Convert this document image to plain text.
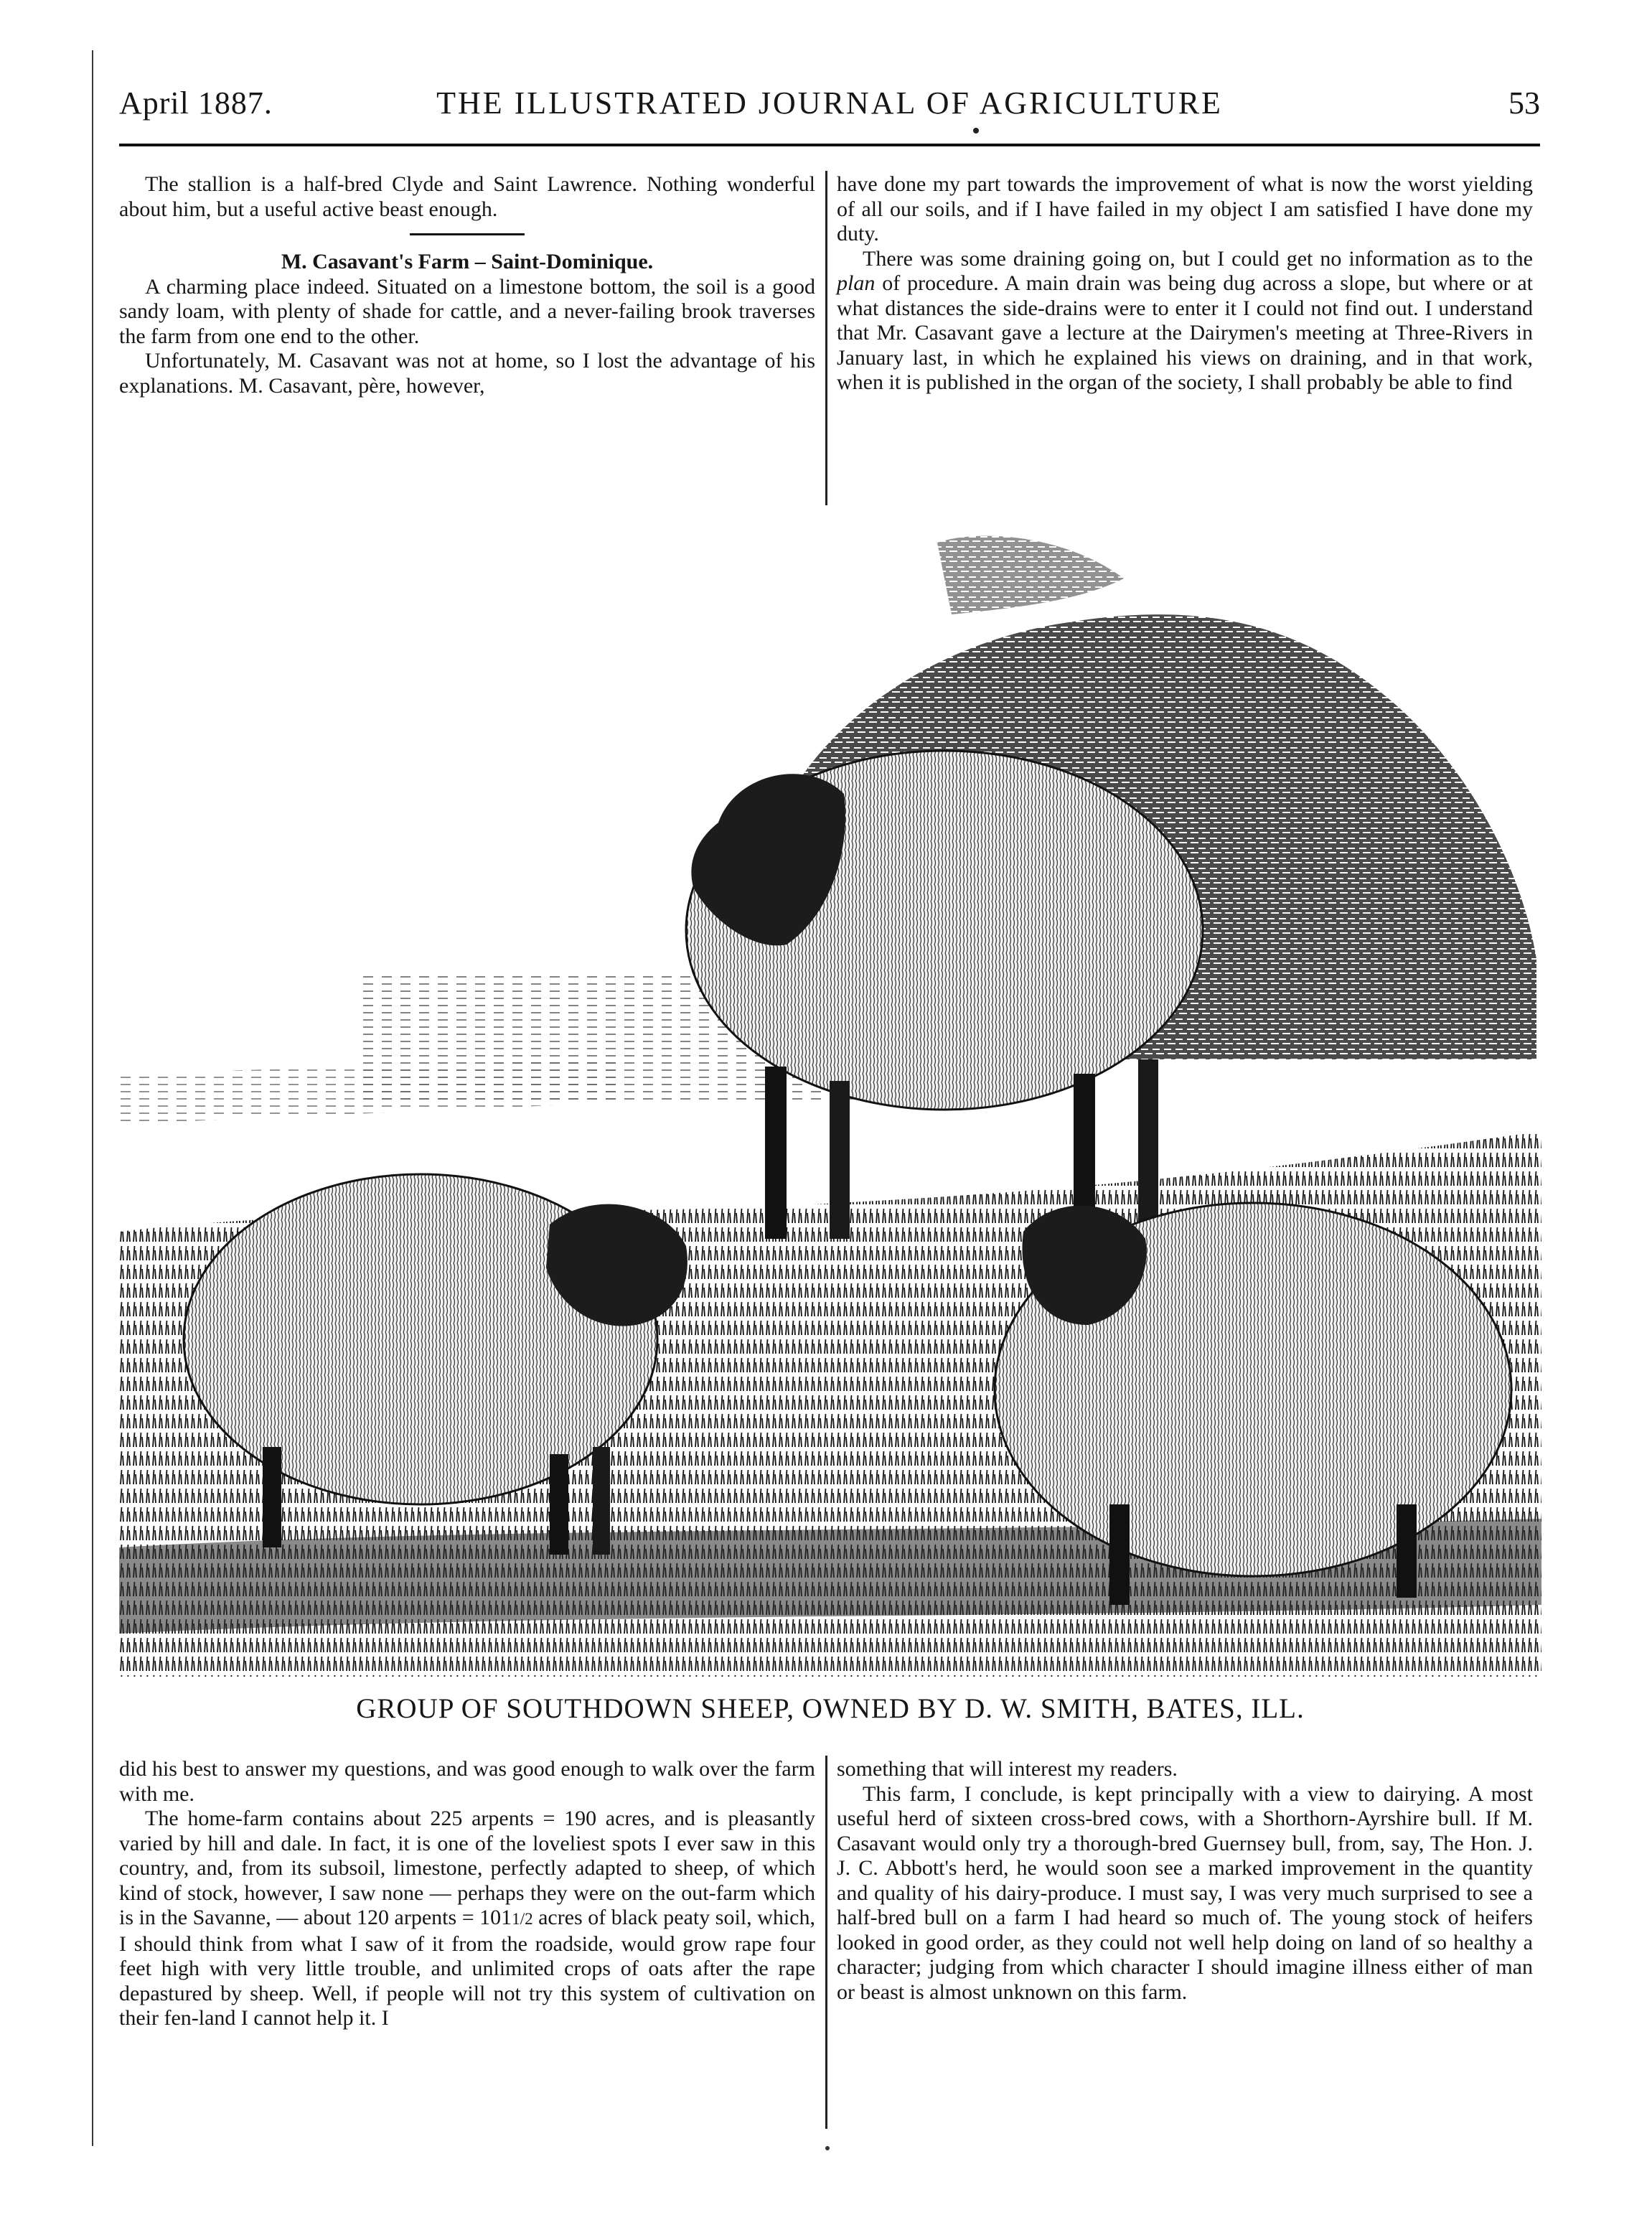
April 1887.	THE ILLUSTRATED JOURNAL OF AGRICULTURE	53

The stallion is a half-bred Clyde and Saint Lawrence. Nothing wonderful about him, but a useful active beast enough.

M. Casavant's Farm – Saint-Dominique.

A charming place indeed. Situated on a limestone bottom, the soil is a good sandy loam, with plenty of shade for cattle, and a never-failing brook traverses the farm from one end to the other.

Unfortunately, M. Casavant was not at home, so I lost the advantage of his explanations. M. Casavant, père, however,

have done my part towards the improvement of what is now the worst yielding of all our soils, and if I have failed in my object I am satisfied I have done my duty.

There was some draining going on, but I could get no information as to the plan of procedure. A main drain was being dug across a slope, but where or at what distances the side-drains were to enter it I could not find out. I understand that Mr. Casavant gave a lecture at the Dairymen's meeting at Three-Rivers in January last, in which he explained his views on draining, and in that work, when it is published in the organ of the society, I shall probably be able to find

GROUP OF SOUTHDOWN SHEEP, OWNED BY D. W. SMITH, BATES, ILL.

did his best to answer my questions, and was good enough to walk over the farm with me.

The home-farm contains about 225 arpents = 190 acres, and is pleasantly varied by hill and dale. In fact, it is one of the loveliest spots I ever saw in this country, and, from its subsoil, limestone, perfectly adapted to sheep, of which kind of stock, however, I saw none — perhaps they were on the out-farm which is in the Savanne, — about 120 arpents = 1011/2 acres of black peaty soil, which, I should think from what I saw of it from the roadside, would grow rape four feet high with very little trouble, and unlimited crops of oats after the rape depastured by sheep. Well, if people will not try this system of cultivation on their fen-land I cannot help it. I

something that will interest my readers.

This farm, I conclude, is kept principally with a view to dairying. A most useful herd of sixteen cross-bred cows, with a Shorthorn-Ayrshire bull. If M. Casavant would only try a thorough-bred Guernsey bull, from, say, The Hon. J. J. C. Abbott's herd, he would soon see a marked improvement in the quantity and quality of his dairy-produce. I must say, I was very much surprised to see a half-bred bull on a farm I had heard so much of. The young stock of heifers looked in good order, as they could not well help doing on land of so healthy a character; judging from which character I should imagine illness either of man or beast is almost unknown on this farm.
